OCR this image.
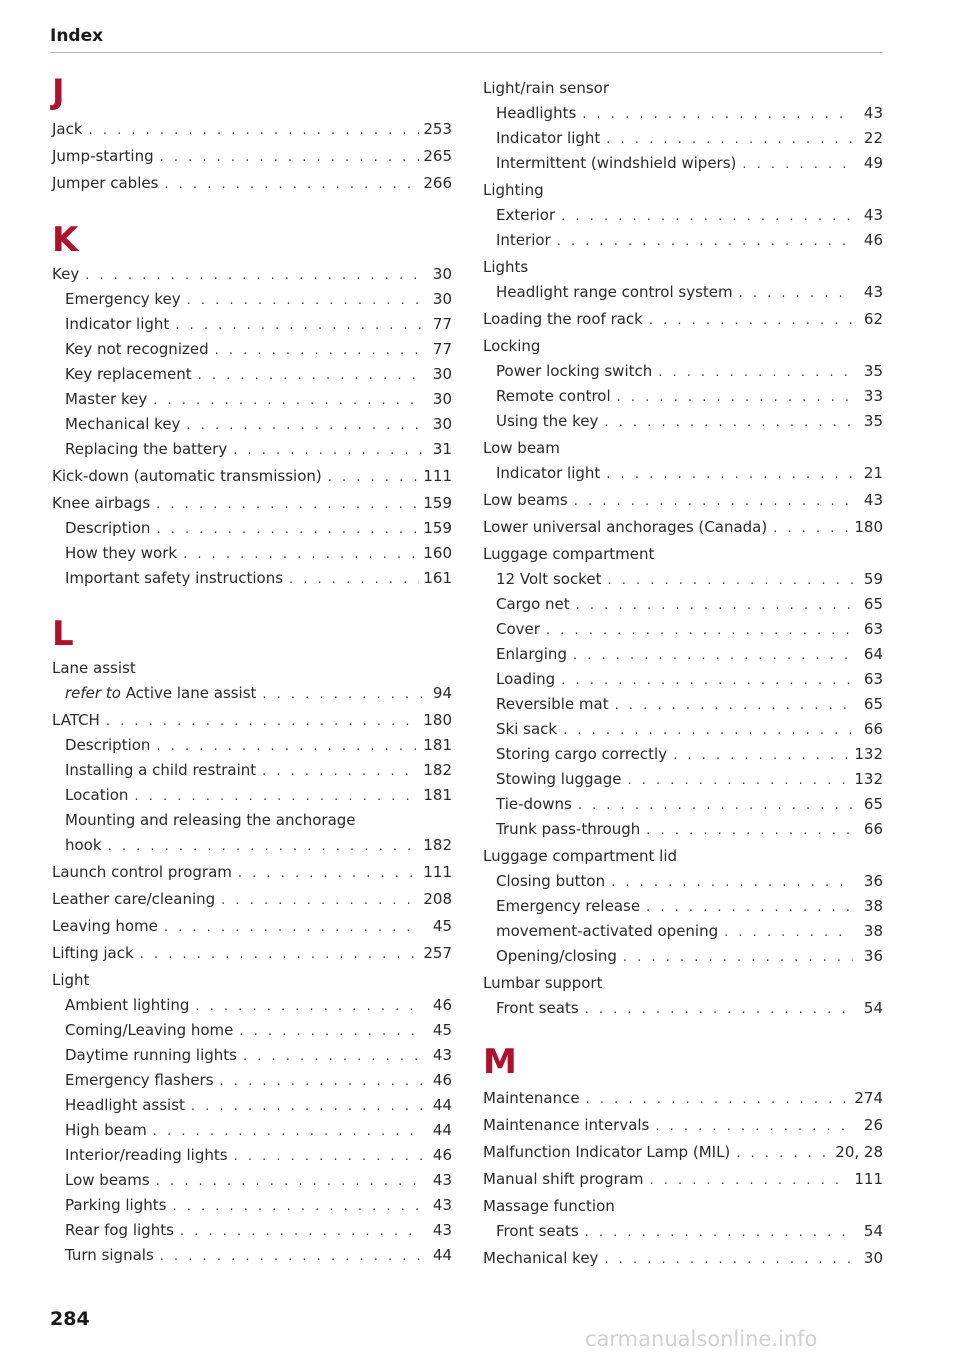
Index
J
Jack . . .	253
Jump-starting . . .	265
Jumper cables . . .	266
K
Key . . .	30
Emergency key . . .	30
Indicator light . . .	77
Key not recognized . . .	77
Key replacement . . .	30
Master key . . .	30
Mechanical key . . .	30
Replacing the battery . . .	31
Kick-down (automatic transmission) . . .	111
Knee airbags . . .	159
Description . . .	159
How they work . . .	160
Important safety instructions . . .	161
L
Lane assist
refer to Active lane assist . . .	94
LATCH . . .	180
Description . . .	181
Installing a child restraint . . .	182
Location . . .	181
Mounting and releasing the anchorage
hook . . .	182
Launch control program . . .	111
Leather care/cleaning . . .	208
Leaving home . . .	45
Lifting jack . . .	257
Light
Ambient lighting . . .	46
Coming/Leaving home . . .	45
Daytime running lights . . .	43
Emergency flashers . . .	46
Headlight assist . . .	44
High beam . . .	44
Interior/reading lights . . .	46
Low beams . . .	43
Parking lights . . .	43
Rear fog lights . . .	43
Turn signals . . .	44
Light/rain sensor
Headlights . . .	43
Indicator light . . .	22
Intermittent (windshield wipers) . . .	49
Lighting
Exterior . . .	43
Interior . . .	46
Lights
Headlight range control system . . .	43
Loading the roof rack . . .	62
Locking
Power locking switch . . .	35
Remote control . . .	33
Using the key . . .	35
Low beam
Indicator light . . .	21
Low beams . . .	43
Lower universal anchorages (Canada) . . .	180
Luggage compartment
12 Volt socket . . .	59
Cargo net . . .	65
Cover . . .	63
Enlarging . . .	64
Loading . . .	63
Reversible mat . . .	65
Ski sack . . .	66
Storing cargo correctly . . .	132
Stowing luggage . . .	132
Tie-downs . . .	65
Trunk pass-through . . .	66
Luggage compartment lid
Closing button . . .	36
Emergency release . . .	38
movement-activated opening . . .	38
Opening/closing . . .	36
Lumbar support
Front seats . . .	54
M
Maintenance . . .	274
Maintenance intervals . . .	26
Malfunction Indicator Lamp (MIL) . . .	20, 28
Manual shift program . . .	111
Massage function
Front seats . . .	54
Mechanical key . . .	30
284
carmanualsonline.info
